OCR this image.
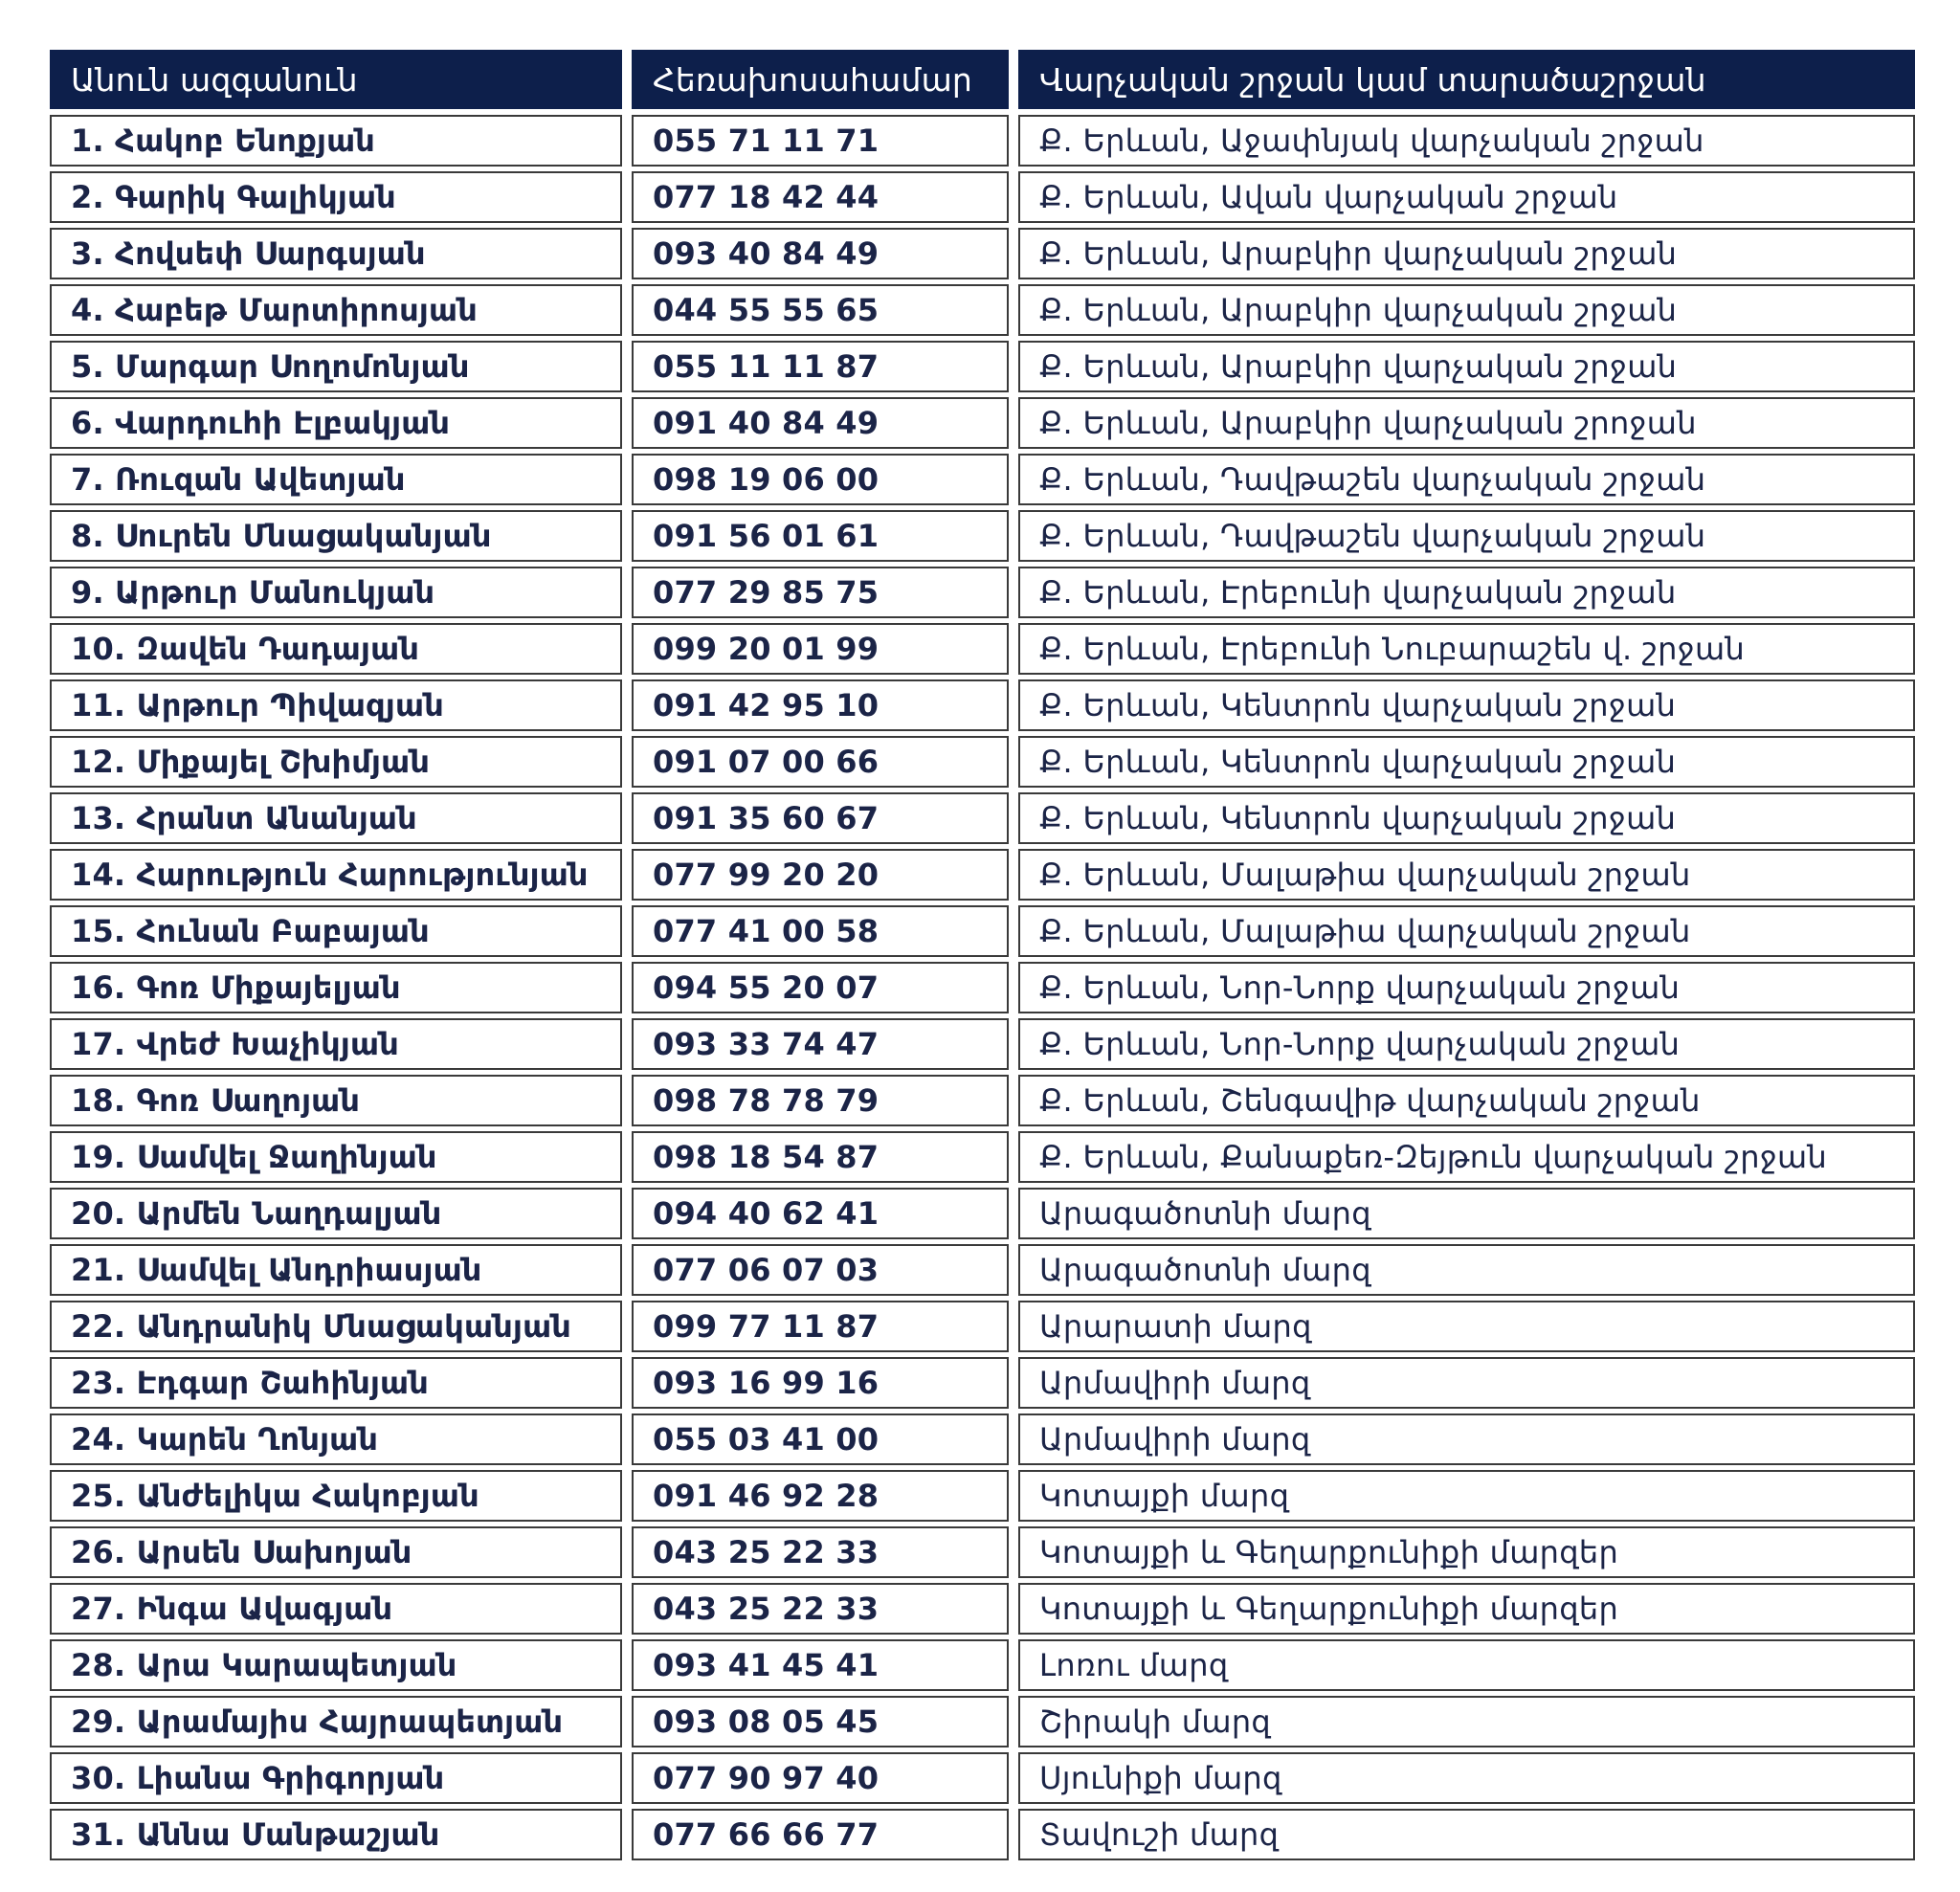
Անուն ազգանուն	Հեռախոսահամար	Վարչական շրջան կամ տարածաշրջան
1. Հակոբ Ենոքյան	055 71 11 71	Ք. Երևան, Աջափնյակ վարչական շրջան
2. Գարիկ Գալիկյան	077 18 42 44	Ք. Երևան, Ավան վարչական շրջան
3. Հովսեփ Սարգսյան	093 40 84 49	Ք. Երևան, Արաբկիր վարչական շրջան
4. Հաբեթ Մարտիրոսյան	044 55 55 65	Ք. Երևան, Արաբկիր վարչական շրջան
5. Մարգար Սողոմոնյան	055 11 11 87	Ք. Երևան, Արաբկիր վարչական շրջան
6. Վարդուհի Էլբակյան	091 40 84 49	Ք. Երևան, Արաբկիր վարչական շրոջան
7. Ռուզան Ավետյան	098 19 06 00	Ք. Երևան, Դավթաշեն վարչական շրջան
8. Սուրեն Մնացականյան	091 56 01 61	Ք. Երևան, Դավթաշեն վարչական շրջան
9. Արթուր Մանուկյան	077 29 85 75	Ք. Երևան, Էրեբունի վարչական շրջան
10. Զավեն Դադայան	099 20 01 99	Ք. Երևան, Էրեբունի Նուբարաշեն վ. շրջան
11. Արթուր Պիվազյան	091 42 95 10	Ք. Երևան, Կենտրոն վարչական շրջան
12. Միքայել Շխիմյան	091 07 00 66	Ք. Երևան, Կենտրոն վարչական շրջան
13. Հրանտ Անանյան	091 35 60 67	Ք. Երևան, Կենտրոն վարչական շրջան
14. Հարություն Հարությունյան	077 99 20 20	Ք. Երևան, Մալաթիա վարչական շրջան
15. Հունան Բաբայան	077 41 00 58	Ք. Երևան, Մալաթիա վարչական շրջան
16. Գոռ Միքայելյան	094 55 20 07	Ք. Երևան, Նոր-Նորք վարչական շրջան
17. Վրեժ Խաչիկյան	093 33 74 47	Ք. Երևան, Նոր-Նորք վարչական շրջան
18. Գոռ Սաղոյան	098 78 78 79	Ք. Երևան, Շենգավիթ վարչական շրջան
19. Սամվել Ջաղինյան	098 18 54 87	Ք. Երևան, Քանաքեռ-Զեյթուն վարչական շրջան
20. Արմեն Նաղդալյան	094 40 62 41	Արագածոտնի մարզ
21. Սամվել Անդրիասյան	077 06 07 03	Արագածոտնի մարզ
22. Անդրանիկ Մնացականյան	099 77 11 87	Արարատի մարզ
23. Էդգար Շահինյան	093 16 99 16	Արմավիրի մարզ
24. Կարեն Ղոնյան	055 03 41 00	Արմավիրի մարզ
25. Անժելիկա Հակոբյան	091 46 92 28	Կոտայքի մարզ
26. Արսեն Սախոյան	043 25 22 33	Կոտայքի և Գեղարքունիքի մարզեր
27. Ինգա Ավագյան	043 25 22 33	Կոտայքի և Գեղարքունիքի մարզեր
28. Արա Կարապետյան	093 41 45 41	Լոռու մարզ
29. Արամայիս Հայրապետյան	093 08 05 45	Շիրակի մարզ
30. Լիանա Գրիգորյան	077 90 97 40	Սյունիքի մարզ
31. Աննա Մանթաշյան	077 66 66 77	Տավուշի մարզ
